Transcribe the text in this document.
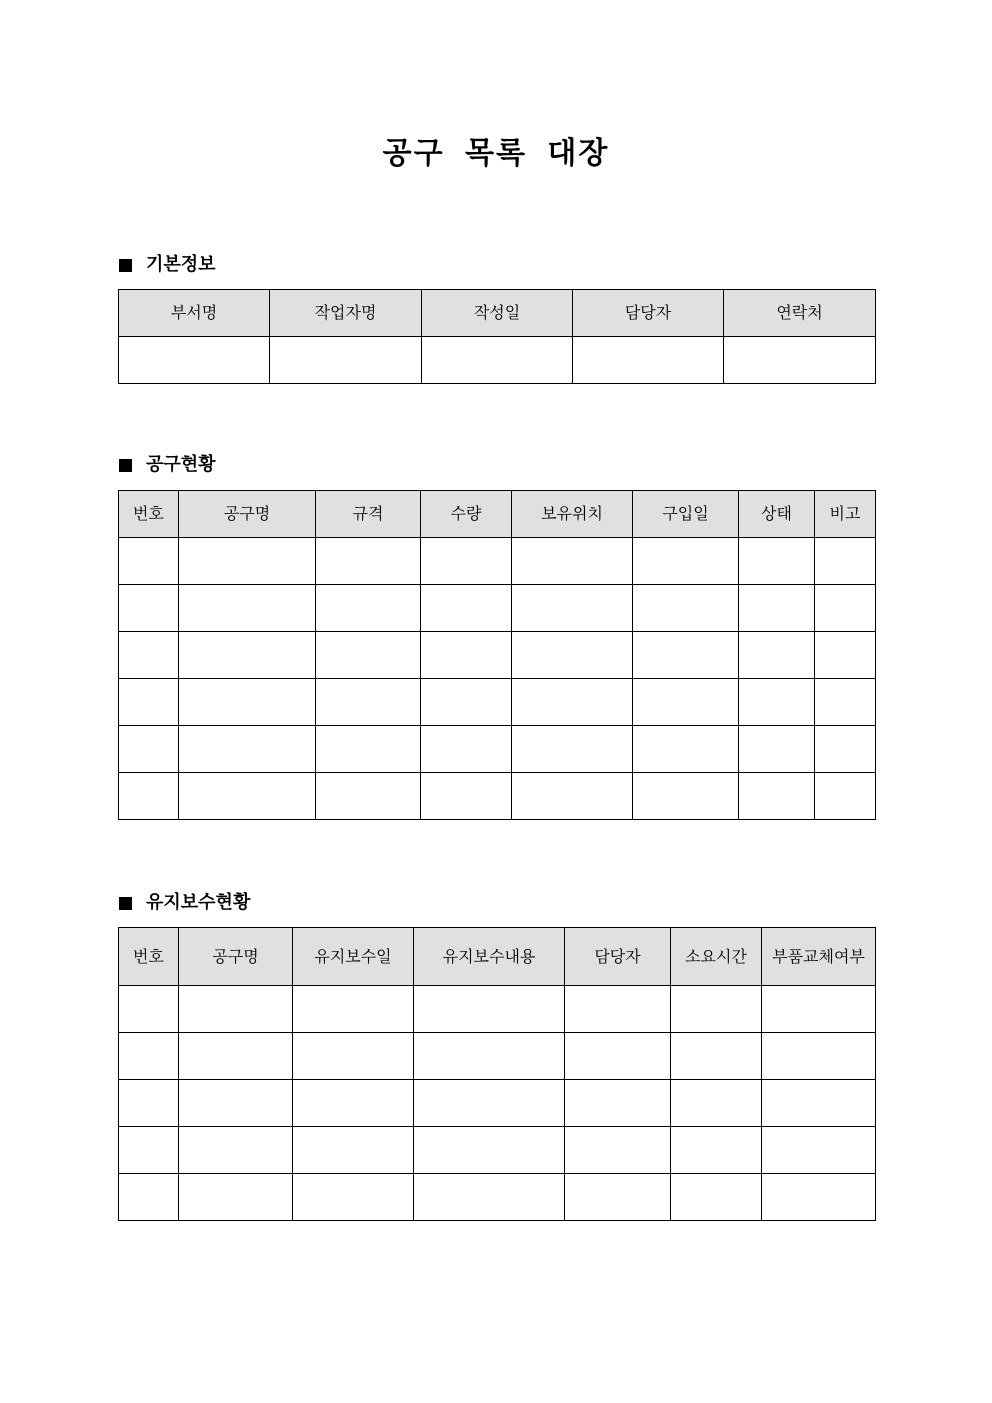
공구 목록 대장
기본정보
부서명	작업자명	작성일	담당자	연락처

공구현황
번호	공구명	규격	수량	보유위치	구입일	상태	비고

유지보수현황
번호	공구명	유지보수일	유지보수내용	담당자	소요시간	부품교체여부
